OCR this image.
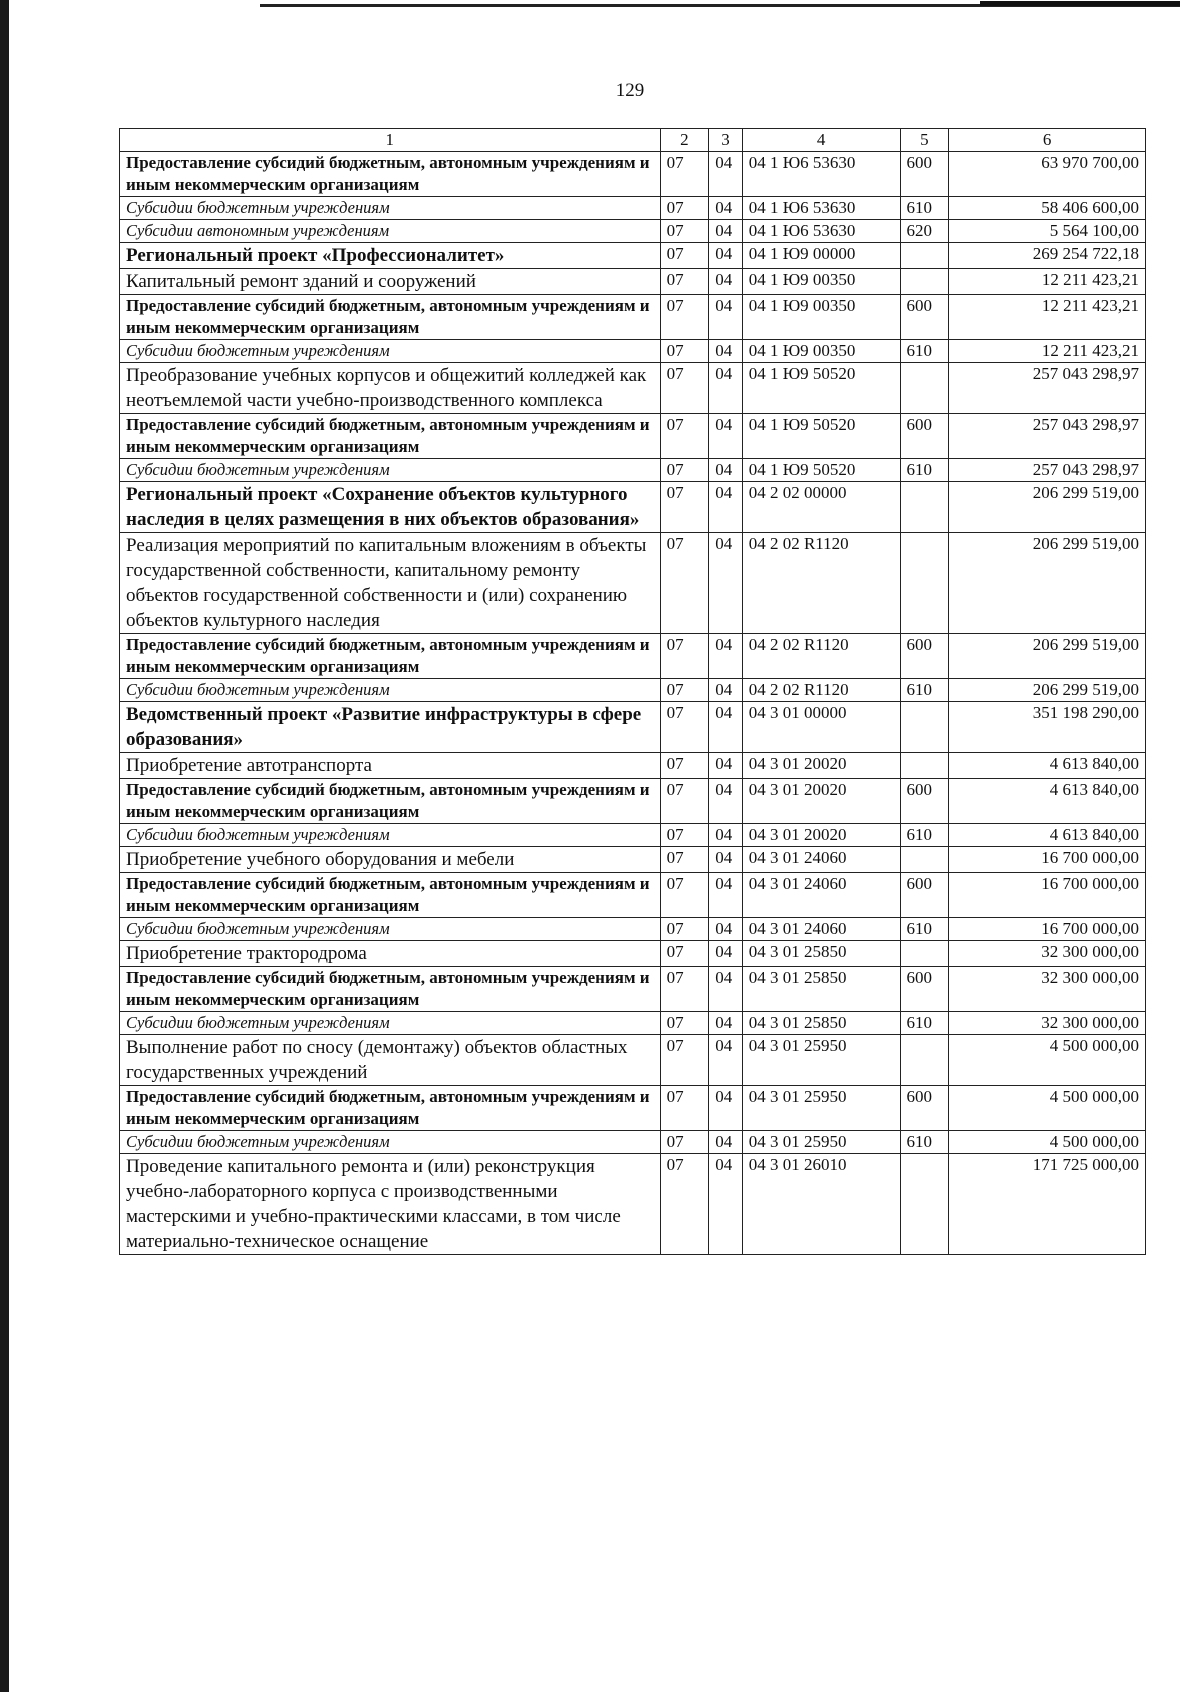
129
1	2	3	4	5	6
Предоставление субсидий бюджетным, автономным учреждениям и иным некоммерческим организациям	07	04	04 1 Ю6 53630	600	63 970 700,00
Субсидии бюджетным учреждениям	07	04	04 1 Ю6 53630	610	58 406 600,00
Субсидии автономным учреждениям	07	04	04 1 Ю6 53630	620	5 564 100,00
Региональный проект «Профессионалитет»	07	04	04 1 Ю9 00000		269 254 722,18
Капитальный ремонт зданий и сооружений	07	04	04 1 Ю9 00350		12 211 423,21
Предоставление субсидий бюджетным, автономным учреждениям и иным некоммерческим организациям	07	04	04 1 Ю9 00350	600	12 211 423,21
Субсидии бюджетным учреждениям	07	04	04 1 Ю9 00350	610	12 211 423,21
Преобразование учебных корпусов и общежитий колледжей как неотъемлемой части учебно-производственного комплекса	07	04	04 1 Ю9 50520		257 043 298,97
Предоставление субсидий бюджетным, автономным учреждениям и иным некоммерческим организациям	07	04	04 1 Ю9 50520	600	257 043 298,97
Субсидии бюджетным учреждениям	07	04	04 1 Ю9 50520	610	257 043 298,97
Региональный проект «Сохранение объектов культурного наследия в целях размещения в них объектов образования»	07	04	04 2 02 00000		206 299 519,00
Реализация мероприятий по капитальным вложениям в объекты государственной собственности, капитальному ремонту объектов государственной собственности и (или) сохранению объектов культурного наследия	07	04	04 2 02 R1120		206 299 519,00
Предоставление субсидий бюджетным, автономным учреждениям и иным некоммерческим организациям	07	04	04 2 02 R1120	600	206 299 519,00
Субсидии бюджетным учреждениям	07	04	04 2 02 R1120	610	206 299 519,00
Ведомственный проект «Развитие инфраструктуры в сфере образования»	07	04	04 3 01 00000		351 198 290,00
Приобретение автотранспорта	07	04	04 3 01 20020		4 613 840,00
Предоставление субсидий бюджетным, автономным учреждениям и иным некоммерческим организациям	07	04	04 3 01 20020	600	4 613 840,00
Субсидии бюджетным учреждениям	07	04	04 3 01 20020	610	4 613 840,00
Приобретение учебного оборудования и мебели	07	04	04 3 01 24060		16 700 000,00
Предоставление субсидий бюджетным, автономным учреждениям и иным некоммерческим организациям	07	04	04 3 01 24060	600	16 700 000,00
Субсидии бюджетным учреждениям	07	04	04 3 01 24060	610	16 700 000,00
Приобретение трактородрома	07	04	04 3 01 25850		32 300 000,00
Предоставление субсидий бюджетным, автономным учреждениям и иным некоммерческим организациям	07	04	04 3 01 25850	600	32 300 000,00
Субсидии бюджетным учреждениям	07	04	04 3 01 25850	610	32 300 000,00
Выполнение работ по сносу (демонтажу) объектов областных государственных учреждений	07	04	04 3 01 25950		4 500 000,00
Предоставление субсидий бюджетным, автономным учреждениям и иным некоммерческим организациям	07	04	04 3 01 25950	600	4 500 000,00
Субсидии бюджетным учреждениям	07	04	04 3 01 25950	610	4 500 000,00
Проведение капитального ремонта и (или) реконструкция учебно-лабораторного корпуса с производственными мастерскими и учебно-практическими классами, в том числе материально-техническое оснащение	07	04	04 3 01 26010		171 725 000,00
